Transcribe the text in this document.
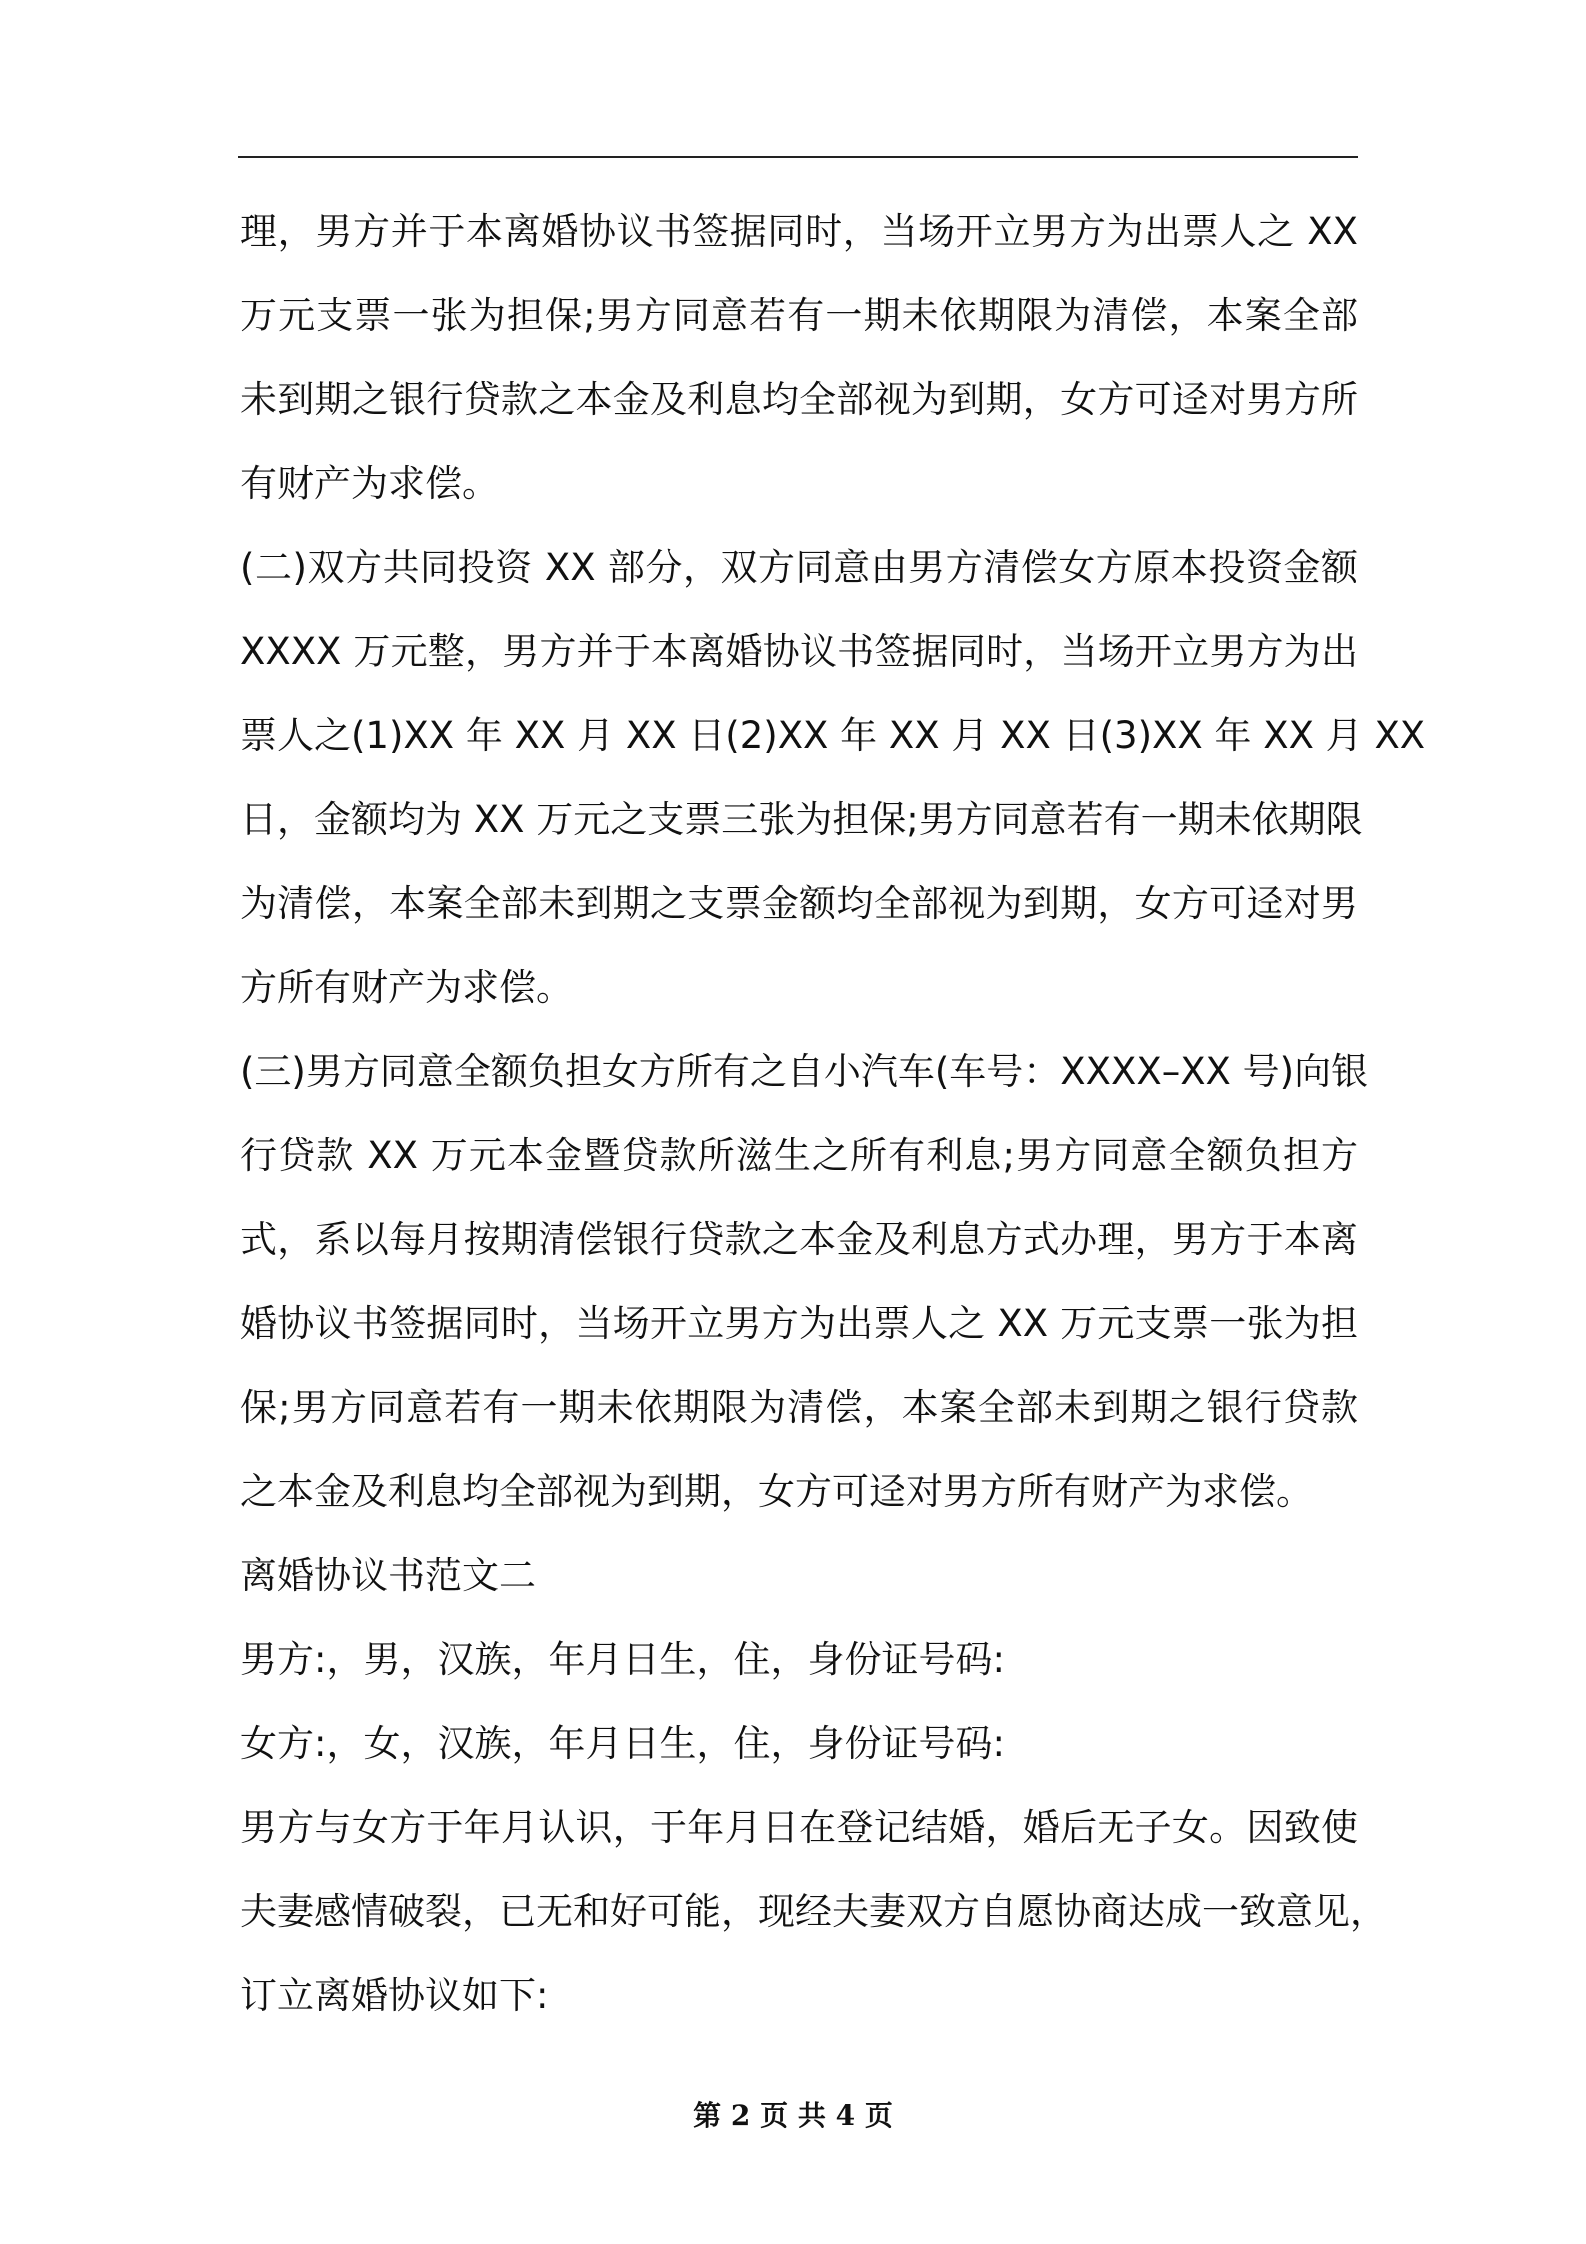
理，男方并于本离婚协议书签据同时，当场开立男方为出票人之 XX
万元支票一张为担保;男方同意若有一期未依期限为清偿，本案全部
未到期之银行贷款之本金及利息均全部视为到期，女方可迳对男方所
有财产为求偿。
(二)双方共同投资 XX 部分，双方同意由男方清偿女方原本投资金额
XXXX 万元整，男方并于本离婚协议书签据同时，当场开立男方为出
票人之(1)XX 年 XX 月 XX 日(2)XX 年 XX 月 XX 日(3)XX 年 XX 月 XX
日，金额均为 XX 万元之支票三张为担保;男方同意若有一期未依期限
为清偿，本案全部未到期之支票金额均全部视为到期，女方可迳对男
方所有财产为求偿。
(三)男方同意全额负担女方所有之自小汽车(车号：XXXX–XX 号)向银
行贷款 XX 万元本金暨贷款所滋生之所有利息;男方同意全额负担方
式，系以每月按期清偿银行贷款之本金及利息方式办理，男方于本离
婚协议书签据同时，当场开立男方为出票人之 XX 万元支票一张为担
保;男方同意若有一期未依期限为清偿，本案全部未到期之银行贷款
之本金及利息均全部视为到期，女方可迳对男方所有财产为求偿。
离婚协议书范文二
男方:，男，汉族，年月日生，住，身份证号码:
女方:，女，汉族，年月日生，住，身份证号码:
男方与女方于年月认识，于年月日在登记结婚，婚后无子女。因致使
夫妻感情破裂，已无和好可能，现经夫妻双方自愿协商达成一致意见，
订立离婚协议如下:
第 2 页 共 4 页
